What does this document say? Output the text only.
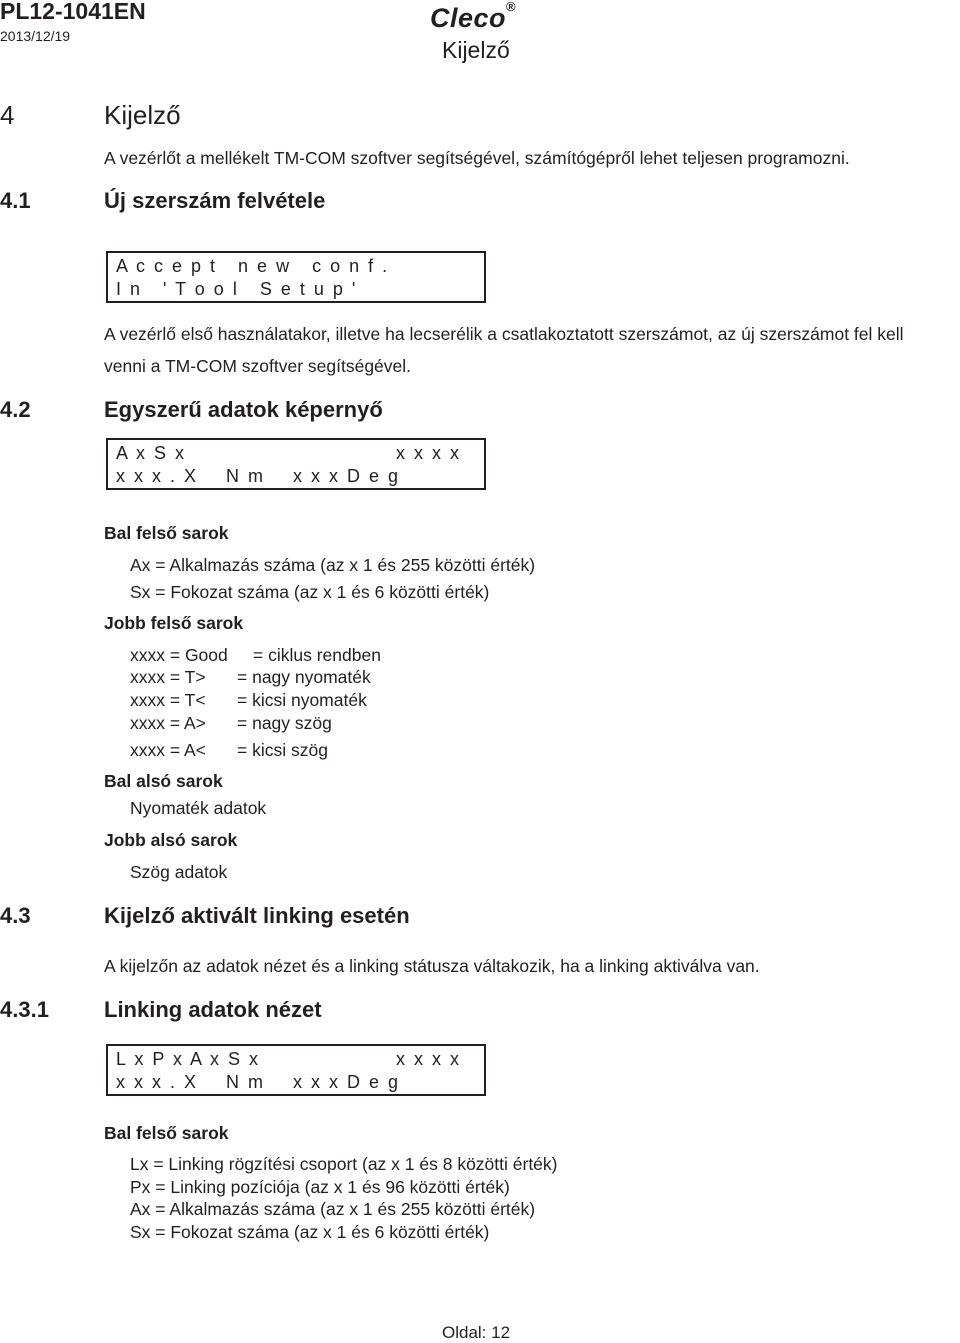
PL12-1041EN
2013/12/19
Cleco®
Kijelző
4	Kijelző
A vezérlőt a mellékelt TM-COM szoftver segítségével, számítógépről lehet teljesen programozni.
4.1	Új szerszám felvétele
A c c e p t   n e w   c o n f .
I n   ' T o o l   S e t u p '
A vezérlő első használatakor, illetve ha lecserélik a csatlakoztatott szerszámot, az új szerszámot fel kell
venni a TM-COM szoftver segítségével.
4.2	Egyszerű adatok képernyő
A x S x	x x x x
x x x . X    N m    x x x D e g
Bal felső sarok
Ax = Alkalmazás száma (az x 1 és 255 közötti érték)
Sx = Fokozat száma (az x 1 és 6 közötti érték)
Jobb felső sarok
xxxx = Good = ciklus rendben
xxxx = T> = nagy nyomaték
xxxx = T< = kicsi nyomaték
xxxx = A> = nagy szög
xxxx = A< = kicsi szög
Bal alsó sarok
Nyomaték adatok
Jobb alsó sarok
Szög adatok
4.3	Kijelző aktivált linking esetén
A kijelzőn az adatok nézet és a linking státusza váltakozik, ha a linking aktiválva van.
4.3.1	Linking adatok nézet
L x P x A x S x	x x x x
x x x . X    N m    x x x D e g
Bal felső sarok
Lx = Linking rögzítési csoport (az x 1 és 8 közötti érték)
Px = Linking pozíciója (az x 1 és 96 közötti érték)
Ax = Alkalmazás száma (az x 1 és 255 közötti érték)
Sx = Fokozat száma (az x 1 és 6 közötti érték)
Oldal: 12
